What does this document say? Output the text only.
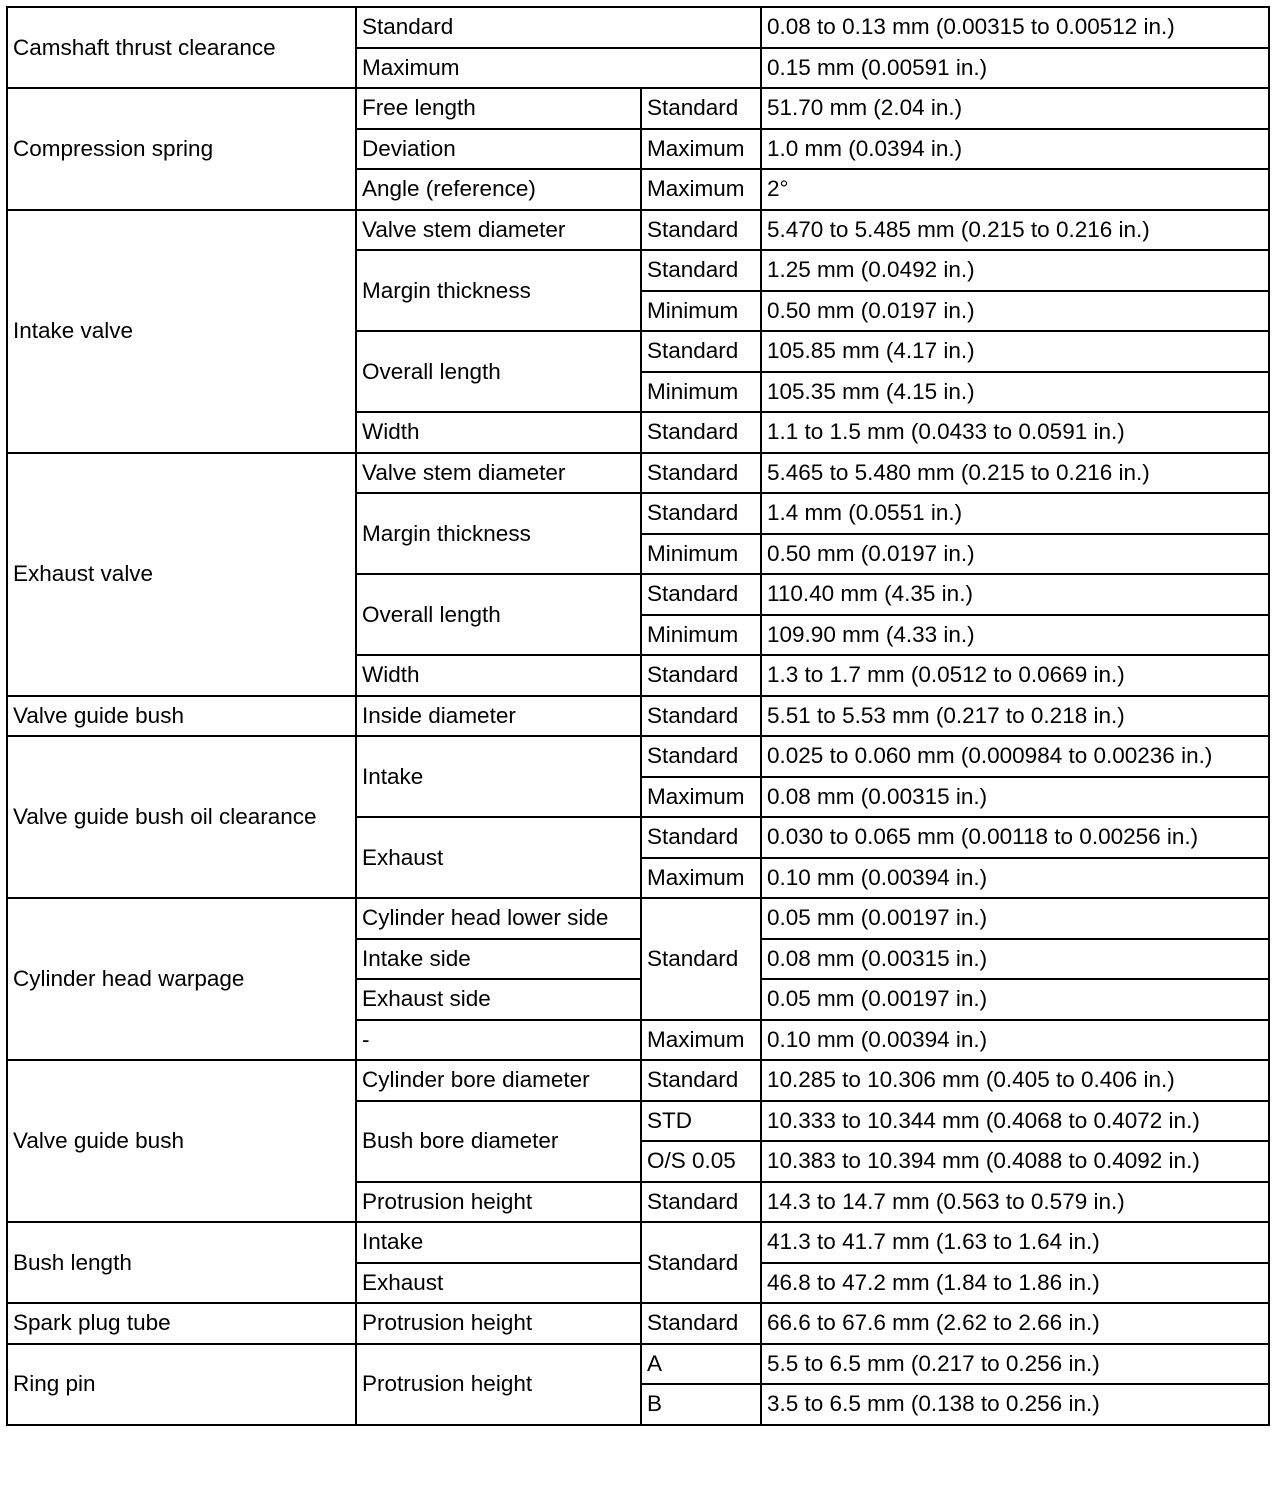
Camshaft thrust clearance	Standard		0.08 to 0.13 mm (0.00315 to 0.00512 in.)
	Maximum		0.15 mm (0.00591 in.)
Compression spring	Free length	Standard	51.70 mm (2.04 in.)
	Deviation	Maximum	1.0 mm (0.0394 in.)
	Angle (reference)	Maximum	2°
Intake valve	Valve stem diameter	Standard	5.470 to 5.485 mm (0.215 to 0.216 in.)
	Margin thickness	Standard	1.25 mm (0.0492 in.)
		Minimum	0.50 mm (0.0197 in.)
	Overall length	Standard	105.85 mm (4.17 in.)
		Minimum	105.35 mm (4.15 in.)
	Width	Standard	1.1 to 1.5 mm (0.0433 to 0.0591 in.)
Exhaust valve	Valve stem diameter	Standard	5.465 to 5.480 mm (0.215 to 0.216 in.)
	Margin thickness	Standard	1.4 mm (0.0551 in.)
		Minimum	0.50 mm (0.0197 in.)
	Overall length	Standard	110.40 mm (4.35 in.)
		Minimum	109.90 mm (4.33 in.)
	Width	Standard	1.3 to 1.7 mm (0.0512 to 0.0669 in.)
Valve guide bush	Inside diameter	Standard	5.51 to 5.53 mm (0.217 to 0.218 in.)
Valve guide bush oil clearance	Intake	Standard	0.025 to 0.060 mm (0.000984 to 0.00236 in.)
		Maximum	0.08 mm (0.00315 in.)
	Exhaust	Standard	0.030 to 0.065 mm (0.00118 to 0.00256 in.)
		Maximum	0.10 mm (0.00394 in.)
Cylinder head warpage	Cylinder head lower side	Standard	0.05 mm (0.00197 in.)
	Intake side		0.08 mm (0.00315 in.)
	Exhaust side		0.05 mm (0.00197 in.)
	-	Maximum	0.10 mm (0.00394 in.)
Valve guide bush	Cylinder bore diameter	Standard	10.285 to 10.306 mm (0.405 to 0.406 in.)
	Bush bore diameter	STD	10.333 to 10.344 mm (0.4068 to 0.4072 in.)
		O/S 0.05	10.383 to 10.394 mm (0.4088 to 0.4092 in.)
	Protrusion height	Standard	14.3 to 14.7 mm (0.563 to 0.579 in.)
Bush length	Intake	Standard	41.3 to 41.7 mm (1.63 to 1.64 in.)
	Exhaust		46.8 to 47.2 mm (1.84 to 1.86 in.)
Spark plug tube	Protrusion height	Standard	66.6 to 67.6 mm (2.62 to 2.66 in.)
Ring pin	Protrusion height	A	5.5 to 6.5 mm (0.217 to 0.256 in.)
		B	3.5 to 6.5 mm (0.138 to 0.256 in.)
